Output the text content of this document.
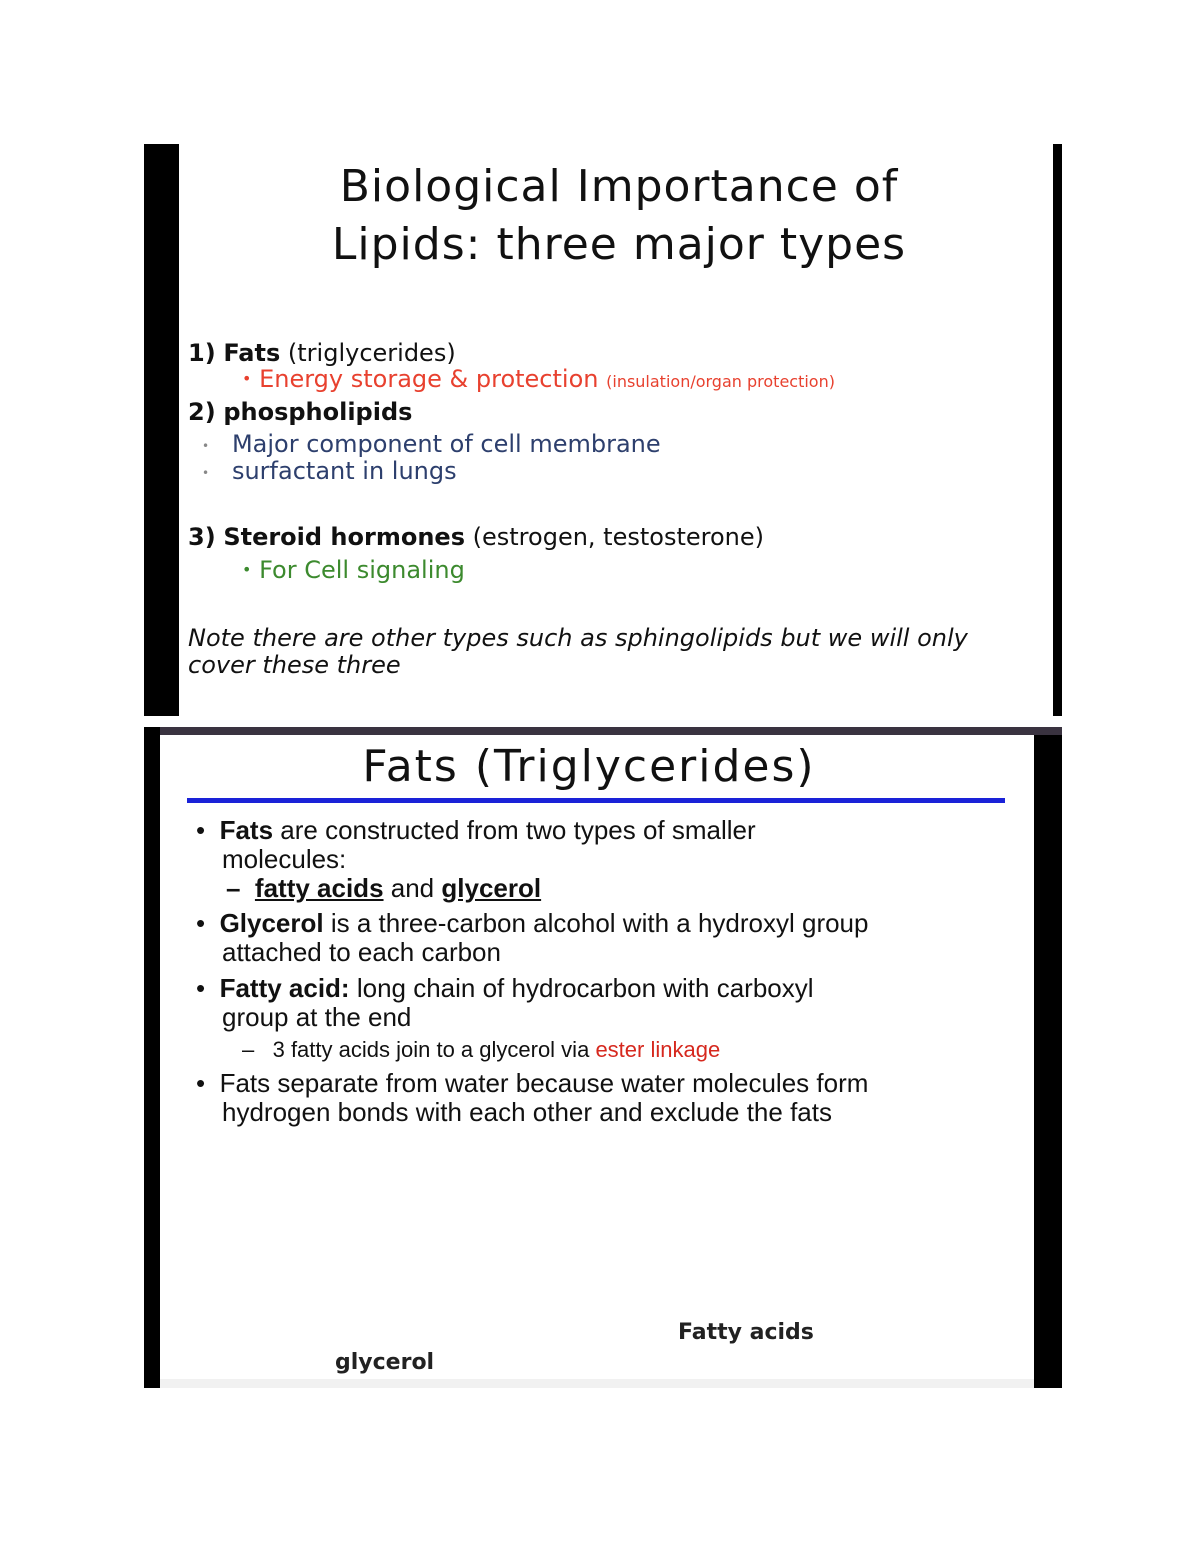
Biological Importance of
Lipids: three major types
1) Fats (triglycerides)
• Energy storage & protection (insulation/organ protection)
2) phospholipids
• Major component of cell membrane
• surfactant in lungs
3) Steroid hormones (estrogen, testosterone)
• For Cell signaling
Note there are other types such as sphingolipids but we will only cover these three
Fats (Triglycerides)
• Fats are constructed from two types of smaller
molecules:
– fatty acids and glycerol
• Glycerol is a three-carbon alcohol with a hydroxyl group
attached to each carbon
• Fatty acid: long chain of hydrocarbon with carboxyl
group at the end
– 3 fatty acids join to a glycerol via ester linkage
• Fats separate from water because water molecules form
hydrogen bonds with each other and exclude the fats
Fatty acids
glycerol
